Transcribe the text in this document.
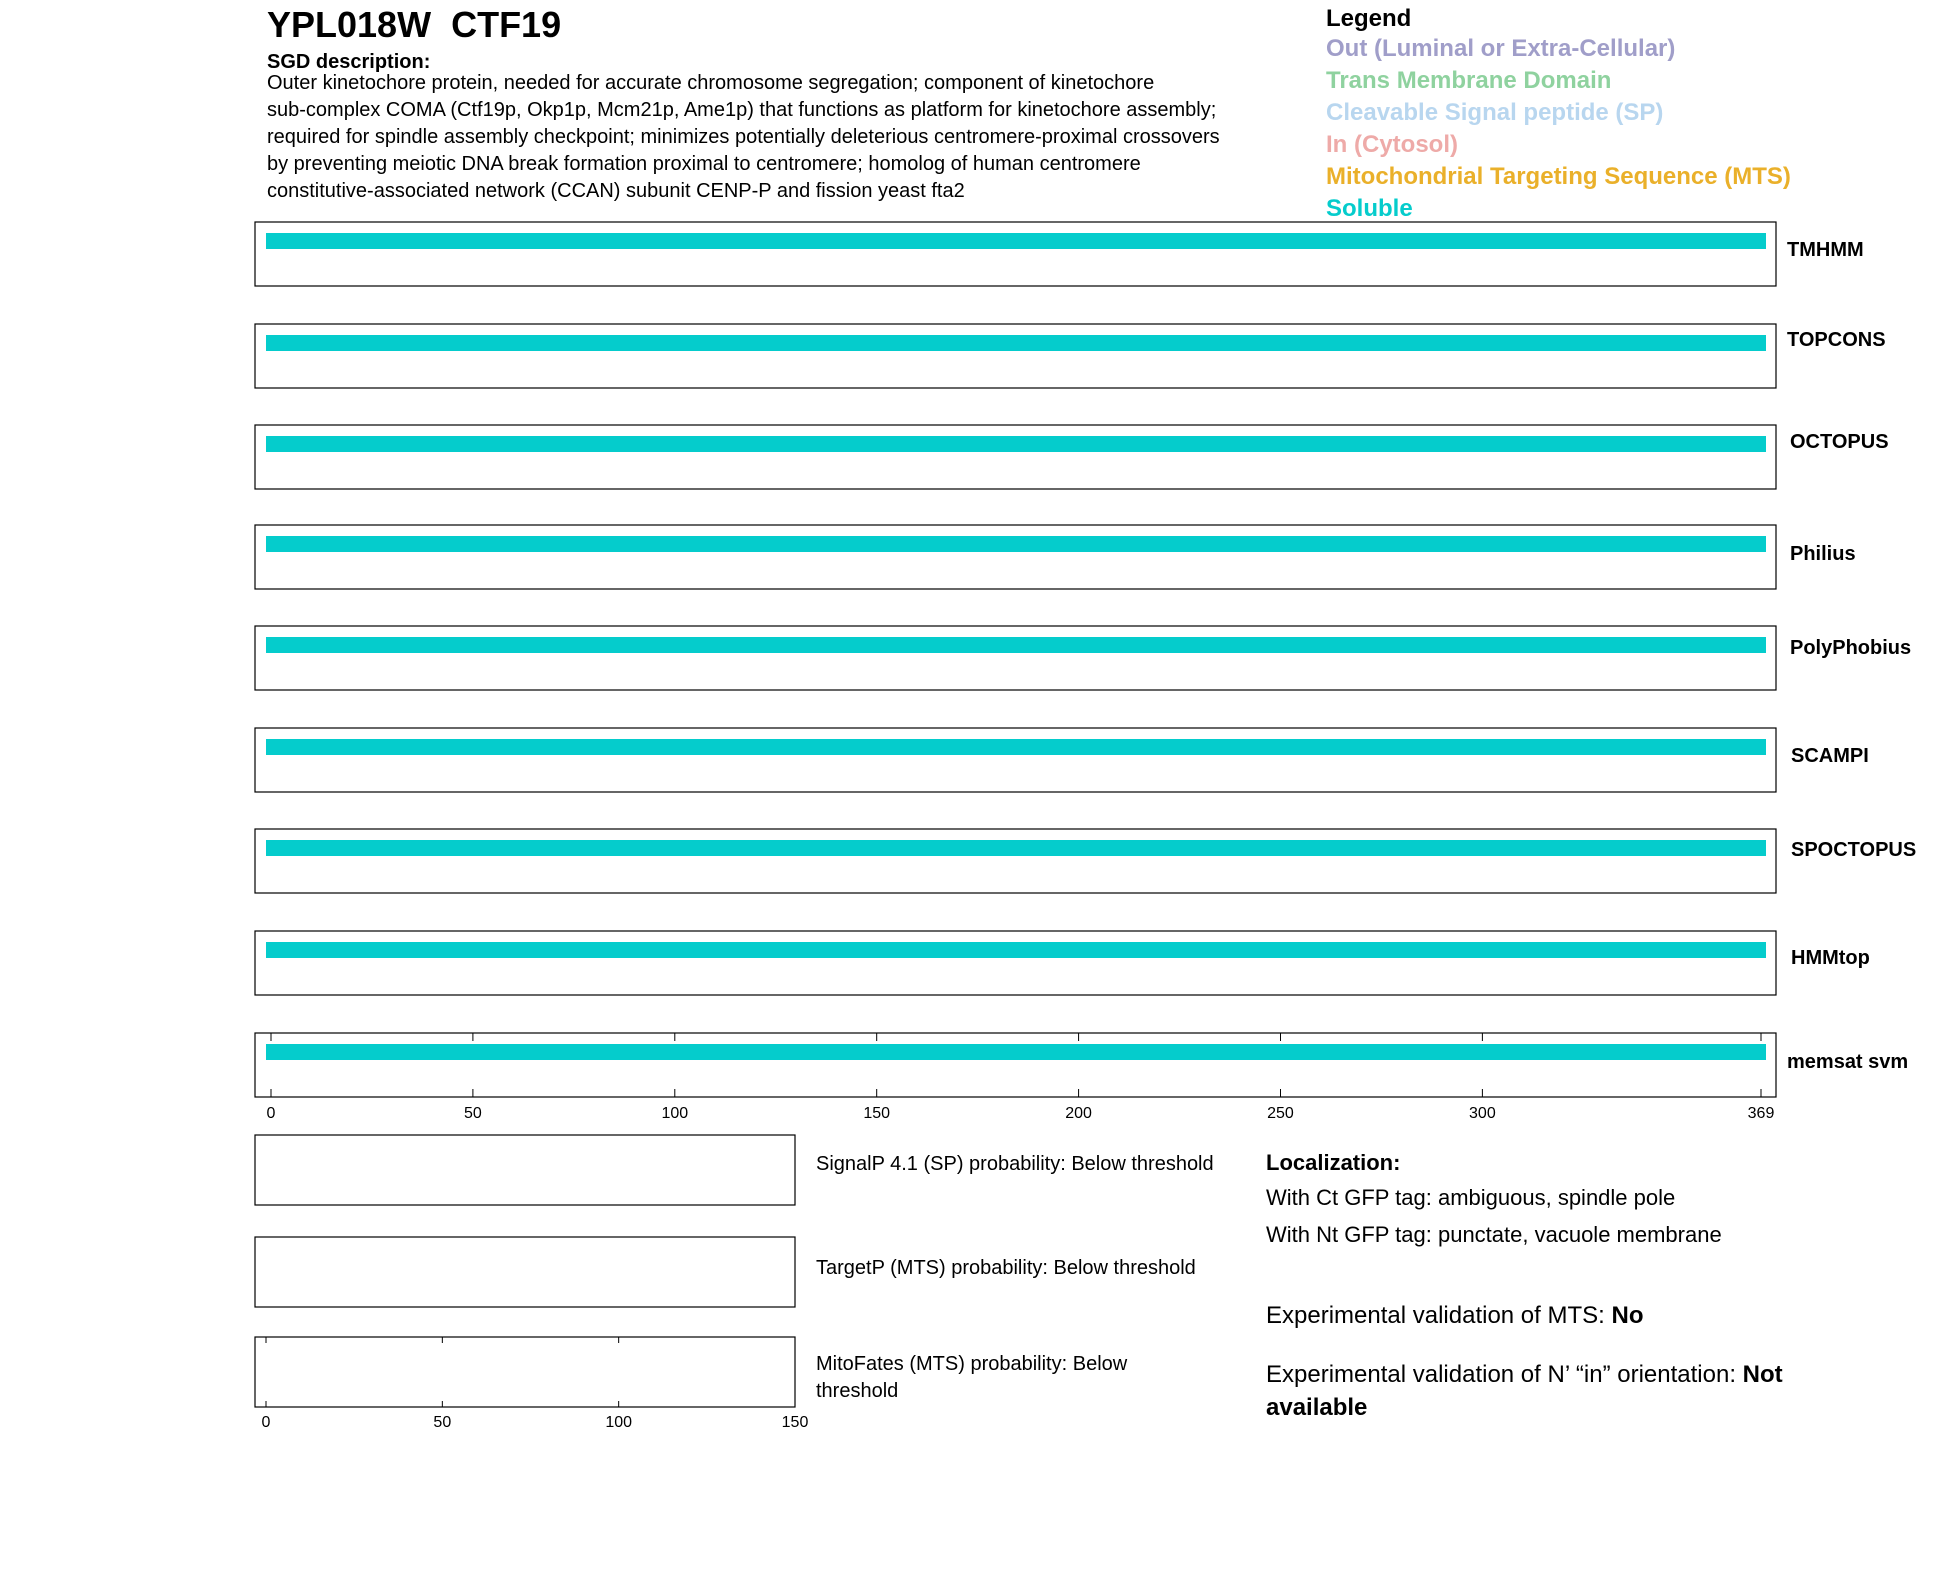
YPL018W CTF19
SGD description:
Outer kinetochore protein, needed for accurate chromosome segregation; component of kinetochore
sub-complex COMA (Ctf19p, Okp1p, Mcm21p, Ame1p) that functions as platform for kinetochore assembly;
required for spindle assembly checkpoint; minimizes potentially deleterious centromere-proximal crossovers
by preventing meiotic DNA break formation proximal to centromere; homolog of human centromere
constitutive-associated network (CCAN) subunit CENP-P and fission yeast fta2
Legend
Out (Luminal or Extra-Cellular)
Trans Membrane Domain
Cleavable Signal peptide (SP)
In (Cytosol)
Mitochondrial Targeting Sequence (MTS)
Soluble
TMHMM
TOPCONS
OCTOPUS
Philius
PolyPhobius
SCAMPI
SPOCTOPUS
HMMtop
memsat svm
0	50	100	150	200	250	300	369
0	50	100	150
SignalP 4.1 (SP) probability: Below threshold
TargetP (MTS) probability: Below threshold
MitoFates (MTS) probability: Below
threshold
Localization:
With Ct GFP tag: ambiguous, spindle pole
With Nt GFP tag: punctate, vacuole membrane
Experimental validation of MTS: No
Experimental validation of N’ “in” orientation: Not
available
